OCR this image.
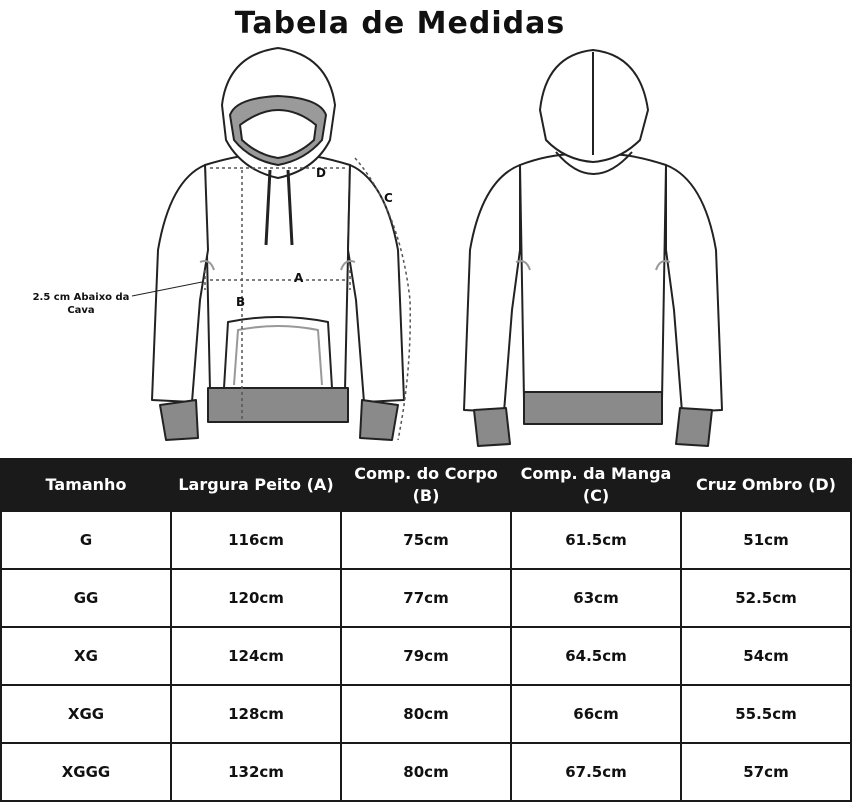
Tabela de Medidas
D
A
B
C
2.5 cm Abaixo da Cava
Tamanho	Largura Peito (A)	Comp. do Corpo (B)	Comp. da Manga (C)	Cruz Ombro (D)
G	116cm	75cm	61.5cm	51cm
GG	120cm	77cm	63cm	52.5cm
XG	124cm	79cm	64.5cm	54cm
XGG	128cm	80cm	66cm	55.5cm
XGGG	132cm	80cm	67.5cm	57cm
